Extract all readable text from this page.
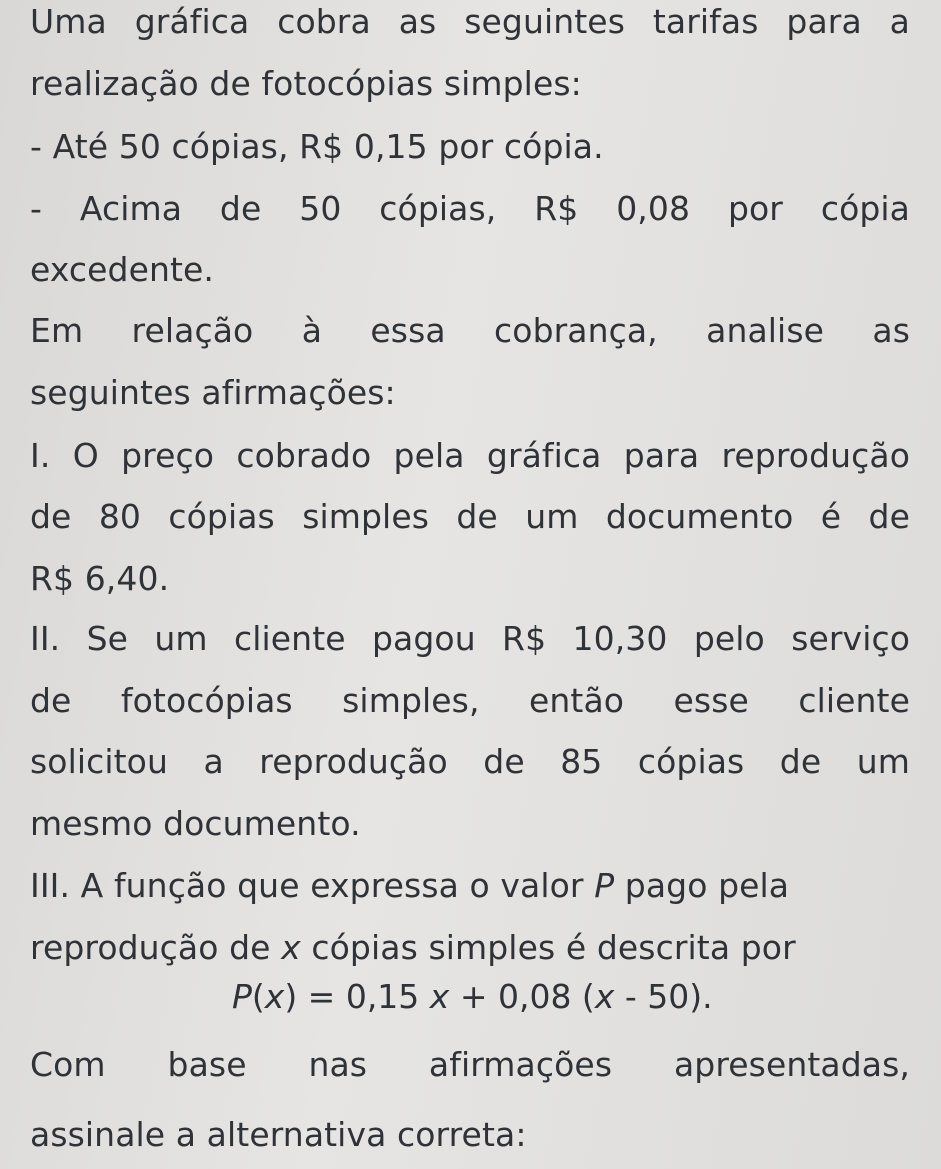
Uma gráfica cobra as seguintes tarifas para a
realização de fotocópias simples:
- Até 50 cópias, R$ 0,15 por cópia.
- Acima de 50 cópias, R$ 0,08 por cópia
excedente.
Em relação à essa cobrança, analise as
seguintes afirmações:
I. O preço cobrado pela gráfica para reprodução
de 80 cópias simples de um documento é de
R$ 6,40.
II. Se um cliente pagou R$ 10,30 pelo serviço
de fotocópias simples, então esse cliente
solicitou a reprodução de 85 cópias de um
mesmo documento.
III. A função que expressa o valor P pago pela
reprodução de x cópias simples é descrita por
P(x) = 0,15 x + 0,08 (x - 50).
Com base nas afirmações apresentadas,
assinale a alternativa correta:
